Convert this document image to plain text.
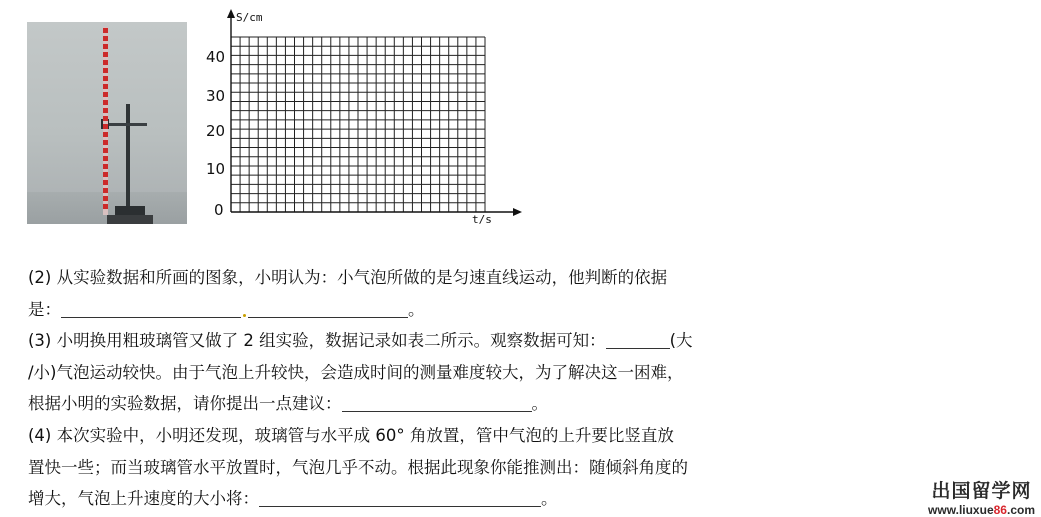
S/cm
t/s
40
30
20
10
0
(2) 从实验数据和所画的图象，小明认为：小气泡所做的是匀速直线运动，他判断的依据
是：	。
(3) 小明换用粗玻璃管又做了 2 组实验，数据记录如表二所示。观察数据可知：	(大
/小)气泡运动较快。由于气泡上升较快，会造成时间的测量难度较大，为了解决这一困难，
根据小明的实验数据，请你提出一点建议：	。
(4) 本次实验中，小明还发现，玻璃管与水平成 60° 角放置，管中气泡的上升要比竖直放
置快一些；而当玻璃管水平放置时，气泡几乎不动。根据此现象你能推测出：随倾斜角度的
增大，气泡上升速度的大小将：	。	出国留学网
www.liuxue86.com
